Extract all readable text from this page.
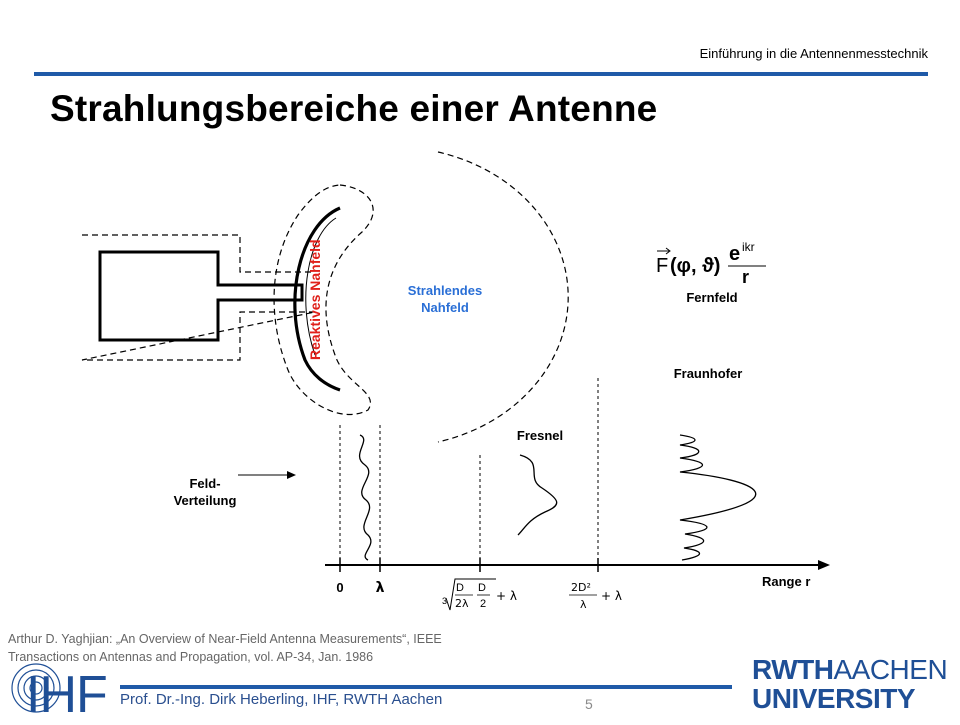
Einführung in die Antennenmesstechnik
Strahlungsbereiche einer Antenne
Reaktives Nahfeld	Strahlendes
Nahfeld
F (φ, ϑ)
e ikr
r
Fernfeld
Fraunhofer
Fresnel
Feld-
Verteilung
0 λ	Range r
3
D
2λ
D
2
+ λ
2D²
λ
+ λ
Arthur D. Yaghjian: „An Overview of Near-Field Antenna Measurements“, IEEE
Transactions on Antennas and Propagation, vol. AP-34, Jan. 1986
IHF Prof. Dr.-Ing. Dirk Heberling, IHF, RWTH Aachen	5
RWTHAACHEN
UNIVERSITY
